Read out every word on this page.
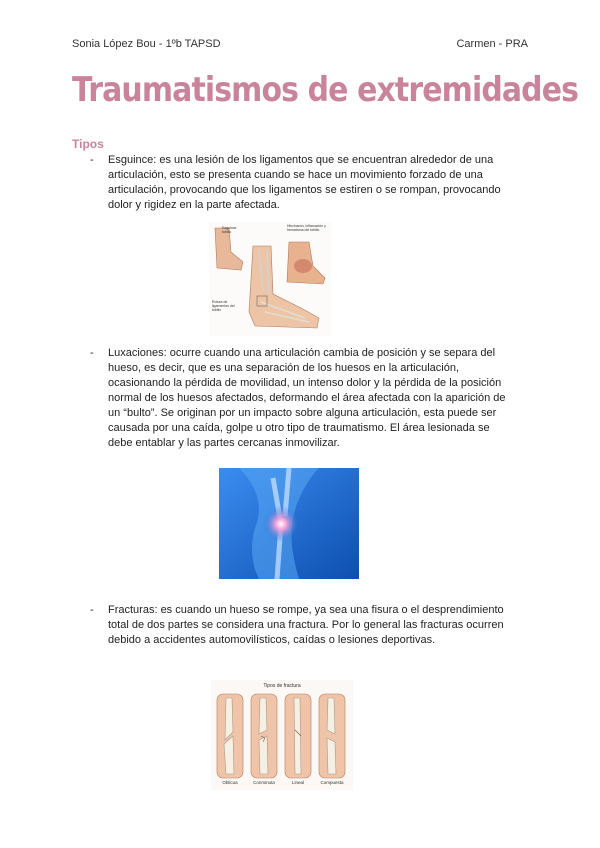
Sonia López Bou - 1ºb TAPSD	Carmen - PRA
Traumatismos de extremidades
Tipos
- Esguince: es una lesión de los ligamentos que se encuentran alrededor de una articulación, esto se presenta cuando se hace un movimiento forzado de una articulación, provocando que los ligamentos se estiren o se rompan, provocando dolor y rigidez en la parte afectada.
Esguince tobillo
Hinchazón, inflamación y hematoma del tobillo
Rotura de ligamentos del tobillo
- Luxaciones: ocurre cuando una articulación cambia de posición y se separa del hueso, es decir, que es una separación de los huesos en la articulación, ocasionando la pérdida de movilidad, un intenso dolor y la pérdida de la posición normal de los huesos afectados, deformando el área afectada con la aparición de un “bulto”. Se originan por un impacto sobre alguna articulación, esta puede ser causada por una caída, golpe u otro tipo de traumatismo. El área lesionada se debe entablar y las partes cercanas inmovilizar.
- Fracturas: es cuando un hueso se rompe, ya sea una fisura o el desprendimiento total de dos partes se considera una fractura. Por lo general las fracturas ocurren debido a accidentes automovilísticos, caídas o lesiones deportivas.
Tipos de fractura
Oblicua	Conminuta	Lineal	Compuesta
